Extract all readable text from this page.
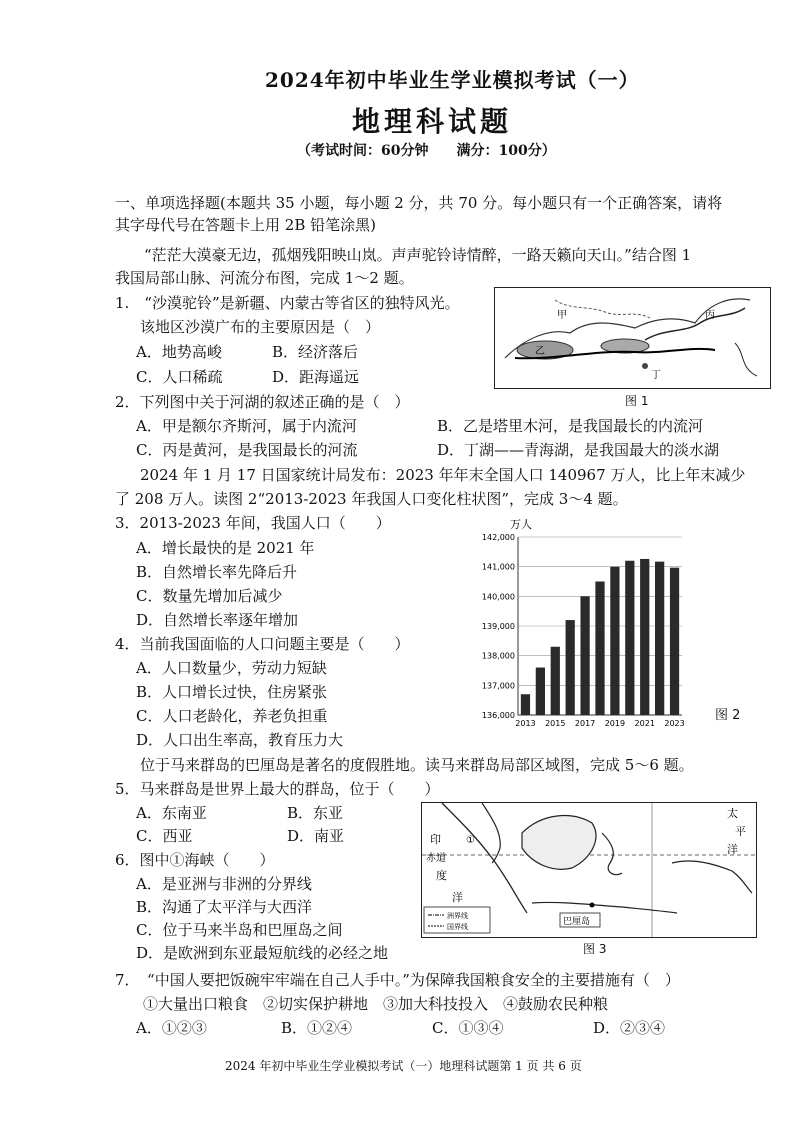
2024年初中毕业生学业模拟考试（一）
地理科试题
（考试时间：60分钟　　满分：100分）
一、单项选择题(本题共 35 小题，每小题 2 分，共 70 分。每小题只有一个正确答案，请将
其字母代号在答题卡上用 2B 铅笔涂黑)
“茫茫大漠豪无边，孤烟残阳映山岚。声声驼铃诗情醉，一路天籁向天山。”结合图 1
我国局部山脉、河流分布图，完成 1～2 题。
1.　“沙漠驼铃”是新疆、内蒙古等省区的独特风光。
该地区沙漠广布的主要原因是（　）
A．地势高峻	B．经济落后
C．人口稀疏	D．距海遥远
甲
乙
丙
丁
图 1
2．下列图中关于河湖的叙述正确的是（　）
A．甲是额尔齐斯河，属于内流河	B．乙是塔里木河，是我国最长的内流河
C．丙是黄河，是我国最长的河流	D．丁湖——青海湖，是我国最大的淡水湖
2024 年 1 月 17 日国家统计局发布：2023 年年末全国人口 140967 万人，比上年末减少
了 208 万人。读图 2“2013-2023 年我国人口变化柱状图”，完成 3～4 题。
3．2013-2023 年间，我国人口（　　）
A．增长最快的是 2021 年
B．自然增长率先降后升
C．数量先增加后减少
D．自然增长率逐年增加
4．当前我国面临的人口问题主要是（　　）
A．人口数量少，劳动力短缺
B．人口增长过快，住房紧张
C．人口老龄化，养老负担重
D．人口出生率高，教育压力大
136,000
137,000
138,000
139,000
140,000
141,000
142,000
2013 2015 2017 2019 2021 2023
万人
图 2
位于马来群岛的巴厘岛是著名的度假胜地。读马来群岛局部区域图，完成 5～6 题。
5．马来群岛是世界上最大的群岛，位于（　　）
A．东南亚	B．东亚
C．西亚	D．南亚
6．图中①海峡（　　）
A．是亚洲与非洲的分界线
B．沟通了太平洋与大西洋
C．位于马来半岛和巴厘岛之间
D．是欧洲到东亚最短航线的必经之地
巴厘岛
①
印
赤道
度
洋
太
平
洋
洲界线
国界线
图 3
7．　“中国人要把饭碗牢牢端在自己人手中。”为保障我国粮食安全的主要措施有（　）
①大量出口粮食　②切实保护耕地　③加大科技投入　④鼓励农民种粮
A．①②③	B．①②④	C．①③④	D．②③④
2024 年初中毕业生学业模拟考试（一）地理科试题第 1 页 共 6 页
